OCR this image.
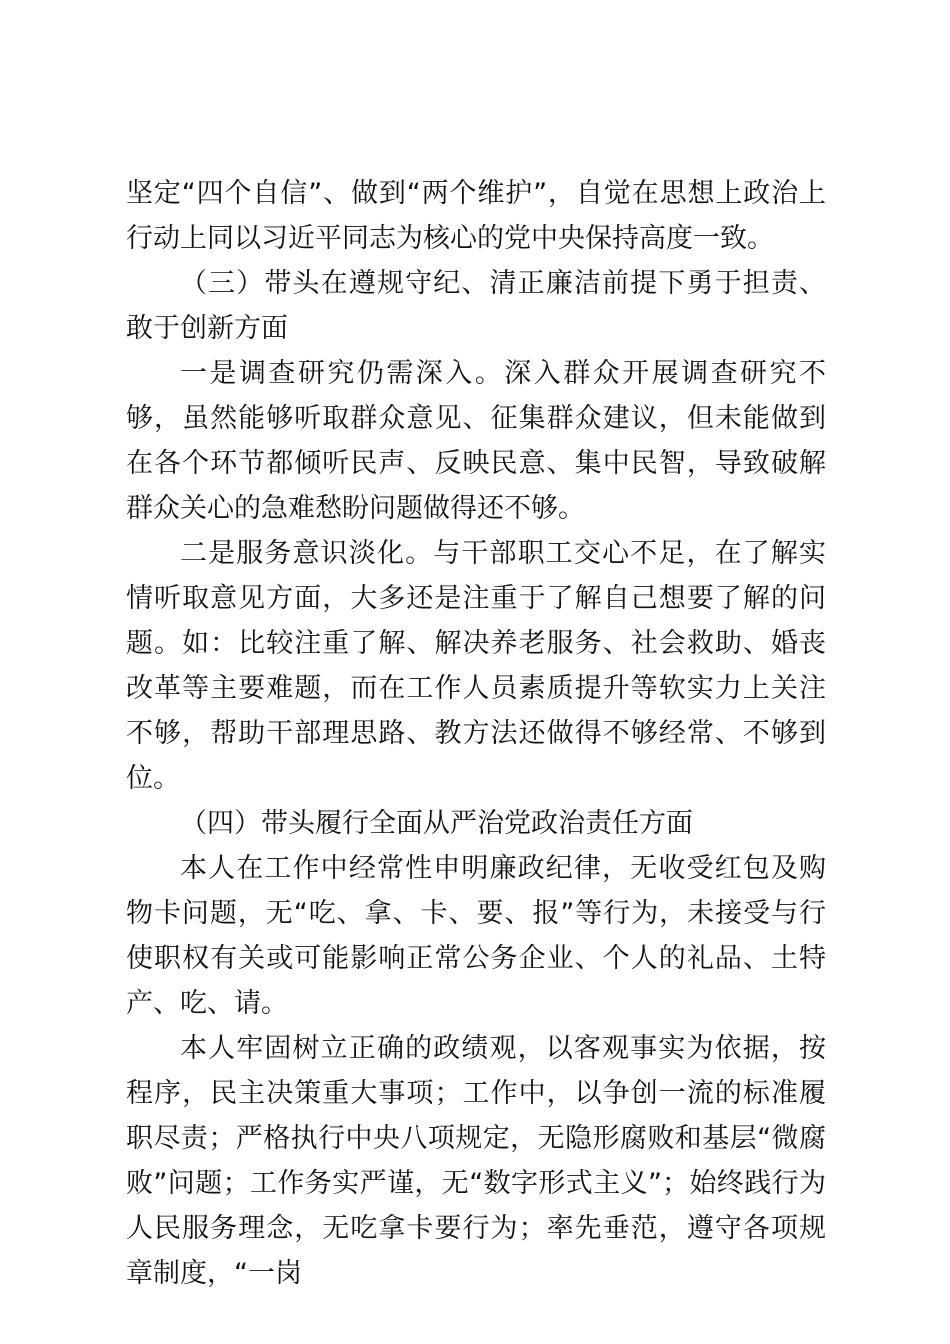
坚定“四个自信”、做到“两个维护”，自觉在思想上政治上行动上同以习近平同志为核心的党中央保持高度一致。

（三）带头在遵规守纪、清正廉洁前提下勇于担责、敢于创新方面

一是调查研究仍需深入。深入群众开展调查研究不够，虽然能够听取群众意见、征集群众建议，但未能做到在各个环节都倾听民声、反映民意、集中民智，导致破解群众关心的急难愁盼问题做得还不够。

二是服务意识淡化。与干部职工交心不足，在了解实情听取意见方面，大多还是注重于了解自己想要了解的问题。如：比较注重了解、解决养老服务、社会救助、婚丧改革等主要难题，而在工作人员素质提升等软实力上关注不够，帮助干部理思路、教方法还做得不够经常、不够到位。

（四）带头履行全面从严治党政治责任方面

本人在工作中经常性申明廉政纪律，无收受红包及购物卡问题，无“吃、拿、卡、要、报”等行为，未接受与行使职权有关或可能影响正常公务企业、个人的礼品、土特产、吃、请。

本人牢固树立正确的政绩观，以客观事实为依据，按程序，民主决策重大事项；工作中，以争创一流的标准履职尽责；严格执行中央八项规定，无隐形腐败和基层“微腐败”问题；工作务实严谨，无“数字形式主义”；始终践行为人民服务理念，无吃拿卡要行为；率先垂范，遵守各项规章制度，“一岗
